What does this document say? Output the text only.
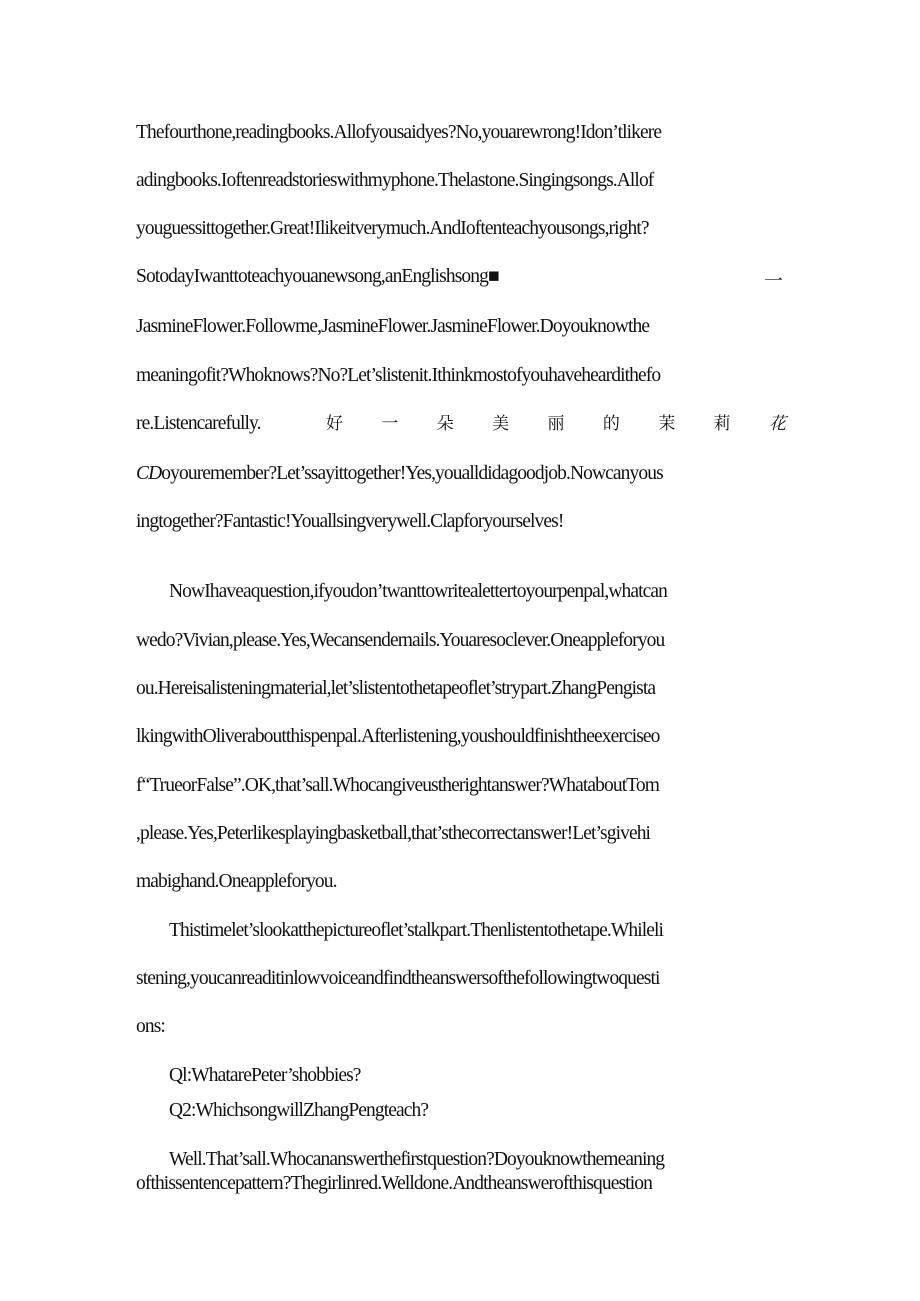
Thefourthone,readingbooks.Allofyousaidyes?No,youarewrong!Idon’tlikere
adingbooks.Ioftenreadstorieswithmyphone.Thelastone.Singingsongs.Allof
youguessittogether.Great!Ilikeitverymuch.AndIoftenteachyousongs,right?
SotodayIwanttoteachyouanewsong,anEnglishsong■	一
JasmineFlower.Followme,JasmineFlower.JasmineFlower.Doyouknowthe
meaningofit?Whoknows?No?Let’slistenit.Ithinkmostofyouhaveheardithefo
re.Listencarefully.	好 一 朵 美 丽 的 茉 莉 花
CDoyouremember?Let’ssayittogether!Yes,youalldidagoodjob.Nowcanyous
ingtogether?Fantastic!Youallsingverywell.Clapforyourselves!
NowIhaveaquestion,ifyoudon’twanttowritealettertoyourpenpal,whatcan
wedo?Vivian,please.Yes,Wecansendemails.Youaresoclever.Oneappleforyou
ou.Hereisalisteningmaterial,let’slistentothetapeoflet’strypart.ZhangPengista
lkingwithOliveraboutthispenpal.Afterlistening,youshouldfinishtheexerciseo
f“TrueorFalse”.OK,that’sall.Whocangiveustherightanswer?WhataboutTom
,please.Yes,Peterlikesplayingbasketball,that’sthecorrectanswer!Let’sgivehi
mabighand.Oneappleforyou.
Thistimelet’slookatthepictureoflet’stalkpart.Thenlistentothetape.Whileli
stening,youcanreaditinlowvoiceandfindtheanswersofthefollowingtwoquesti
ons:
Ql:WhatarePeter’shobbies?
Q2:WhichsongwillZhangPengteach?
Well.That’sall.Whocananswerthefirstquestion?Doyouknowthemeaning
ofthissentencepattern?Thegirlinred.Welldone.Andtheanswerofthisquestion
